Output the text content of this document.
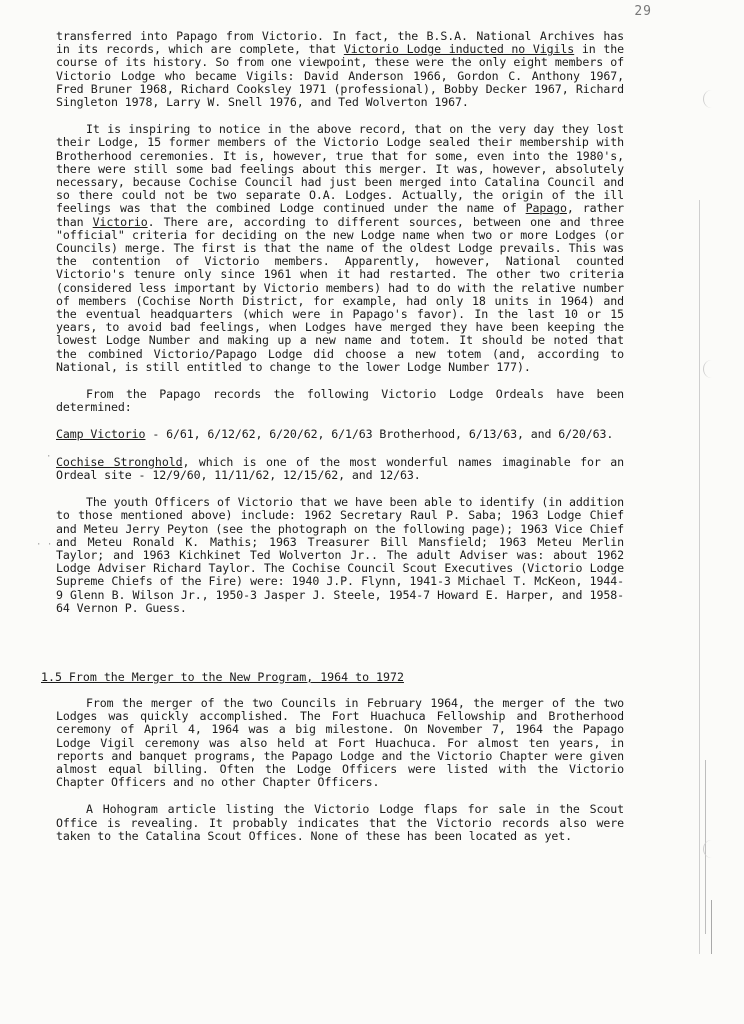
29
·
· ·

transferred into Papago from Victorio. In fact, the B.S.A. National Archives has in its records, which are complete, that Victorio Lodge inducted no Vigils in the course of its history. So from one viewpoint, these were the only eight members of Victorio Lodge who became Vigils: David Anderson 1966, Gordon C. Anthony 1967, Fred Bruner 1968, Richard Cooksley 1971 (professional), Bobby Decker 1967, Richard Singleton 1978, Larry W. Snell 1976, and Ted Wolverton 1967.

It is inspiring to notice in the above record, that on the very day they lost their Lodge, 15 former members of the Victorio Lodge sealed their membership with Brotherhood ceremonies. It is, however, true that for some, even into the 1980's, there were still some bad feelings about this merger. It was, however, absolutely necessary, because Cochise Council had just been merged into Catalina Council and so there could not be two separate O.A. Lodges. Actually, the origin of the ill feelings was that the combined Lodge continued under the name of Papago, rather than Victorio. There are, according to different sources, between one and three "official" criteria for deciding on the new Lodge name when two or more Lodges (or Councils) merge. The first is that the name of the oldest Lodge prevails. This was the contention of Victorio members. Apparently, however, National counted Victorio's tenure only since 1961 when it had restarted. The other two criteria (considered less important by Victorio members) had to do with the relative number of members (Cochise North District, for example, had only 18 units in 1964) and the eventual headquarters (which were in Papago's favor). In the last 10 or 15 years, to avoid bad feelings, when Lodges have merged they have been keeping the lowest Lodge Number and making up a new name and totem. It should be noted that the combined Victorio/Papago Lodge did choose a new totem (and, according to National, is still entitled to change to the lower Lodge Number 177).

From the Papago records the following Victorio Lodge Ordeals have been determined:

Camp Victorio - 6/61, 6/12/62, 6/20/62, 6/1/63 Brotherhood, 6/13/63, and 6/20/63.

Cochise Stronghold, which is one of the most wonderful names imaginable for an Ordeal site - 12/9/60, 11/11/62, 12/15/62, and 12/63.

The youth Officers of Victorio that we have been able to identify (in addition to those mentioned above) include: 1962 Secretary Raul P. Saba; 1963 Lodge Chief and Meteu Jerry Peyton (see the photograph on the following page); 1963 Vice Chief and Meteu Ronald K. Mathis; 1963 Treasurer Bill Mansfield; 1963 Meteu Merlin Taylor; and 1963 Kichkinet Ted Wolverton Jr.. The adult Adviser was: about 1962 Lodge Adviser Richard Taylor. The Cochise Council Scout Executives (Victorio Lodge Supreme Chiefs of the Fire) were: 1940 J.P. Flynn, 1941-3 Michael T. McKeon, 1944-9 Glenn B. Wilson Jr., 1950-3 Jasper J. Steele, 1954-7 Howard E. Harper, and 1958-64 Vernon P. Guess.

1.5 From the Merger to the New Program, 1964 to 1972

From the merger of the two Councils in February 1964, the merger of the two Lodges was quickly accomplished. The Fort Huachuca Fellowship and Brotherhood ceremony of April 4, 1964 was a big milestone. On November 7, 1964 the Papago Lodge Vigil ceremony was also held at Fort Huachuca. For almost ten years, in reports and banquet programs, the Papago Lodge and the Victorio Chapter were given almost equal billing. Often the Lodge Officers were listed with the Victorio Chapter Officers and no other Chapter Officers.

A Hohogram article listing the Victorio Lodge flaps for sale in the Scout Office is revealing. It probably indicates that the Victorio records also were taken to the Catalina Scout Offices. None of these has been located as yet.
